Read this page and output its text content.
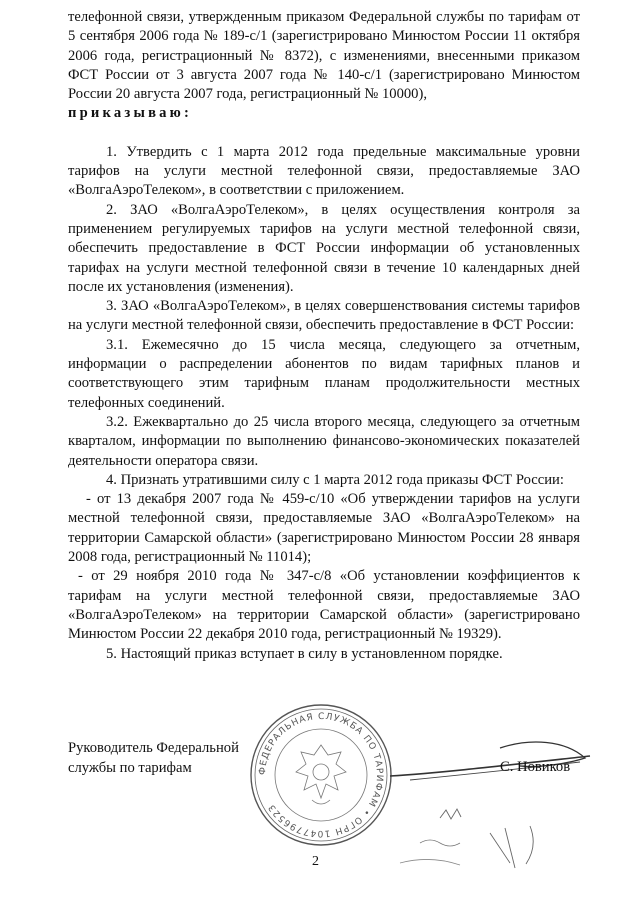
телефонной связи, утвержденным приказом Федеральной службы по тарифам от 5 сентября 2006 года № 189-с/1 (зарегистрировано Минюстом России 11 октября 2006 года, регистрационный № 8372), с изменениями, внесенными приказом ФСТ России от 3 августа 2007 года № 140-с/1 (зарегистрировано Минюстом России 20 августа 2007 года, регистрационный № 10000),

приказываю:

1. Утвердить с 1 марта 2012 года предельные максимальные уровни тарифов на услуги местной телефонной связи, предоставляемые ЗАО «ВолгаАэроТелеком», в соответствии с приложением.

2. ЗАО «ВолгаАэроТелеком», в целях осуществления контроля за применением регулируемых тарифов на услуги местной телефонной связи, обеспечить предоставление в ФСТ России информации об установленных тарифах на услуги местной телефонной связи в течение 10 календарных дней после их установления (изменения).

3. ЗАО «ВолгаАэроТелеком», в целях совершенствования системы тарифов на услуги местной телефонной связи, обеспечить предоставление в ФСТ России:

3.1. Ежемесячно до 15 числа месяца, следующего за отчетным, информации о распределении абонентов по видам тарифных планов и соответствующего этим тарифным планам продолжительности местных телефонных соединений.

3.2. Ежеквартально до 25 числа второго месяца, следующего за отчетным кварталом, информации по выполнению финансово-экономических показателей деятельности оператора связи.

4. Признать утратившими силу с 1 марта 2012 года приказы ФСТ России:

- от 13 декабря 2007 года № 459-с/10 «Об утверждении тарифов на услуги местной телефонной связи, предоставляемые ЗАО «ВолгаАэроТелеком» на территории Самарской области» (зарегистрировано Минюстом России 28 января 2008 года, регистрационный № 11014);

- от 29 ноября 2010 года № 347-с/8 «Об установлении коэффициентов к тарифам на услуги местной телефонной связи, предоставляемые ЗАО «ВолгаАэроТелеком» на территории Самарской области» (зарегистрировано Минюстом России 22 декабря 2010 года, регистрационный № 19329).

5. Настоящий приказ вступает в силу в установленном порядке.

Руководитель Федеральной
службы по тарифам	ФЕДЕРАЛЬНАЯ СЛУЖБА ПО ТАРИФАМ • ОГРН 1047796523
С. Новиков
2
